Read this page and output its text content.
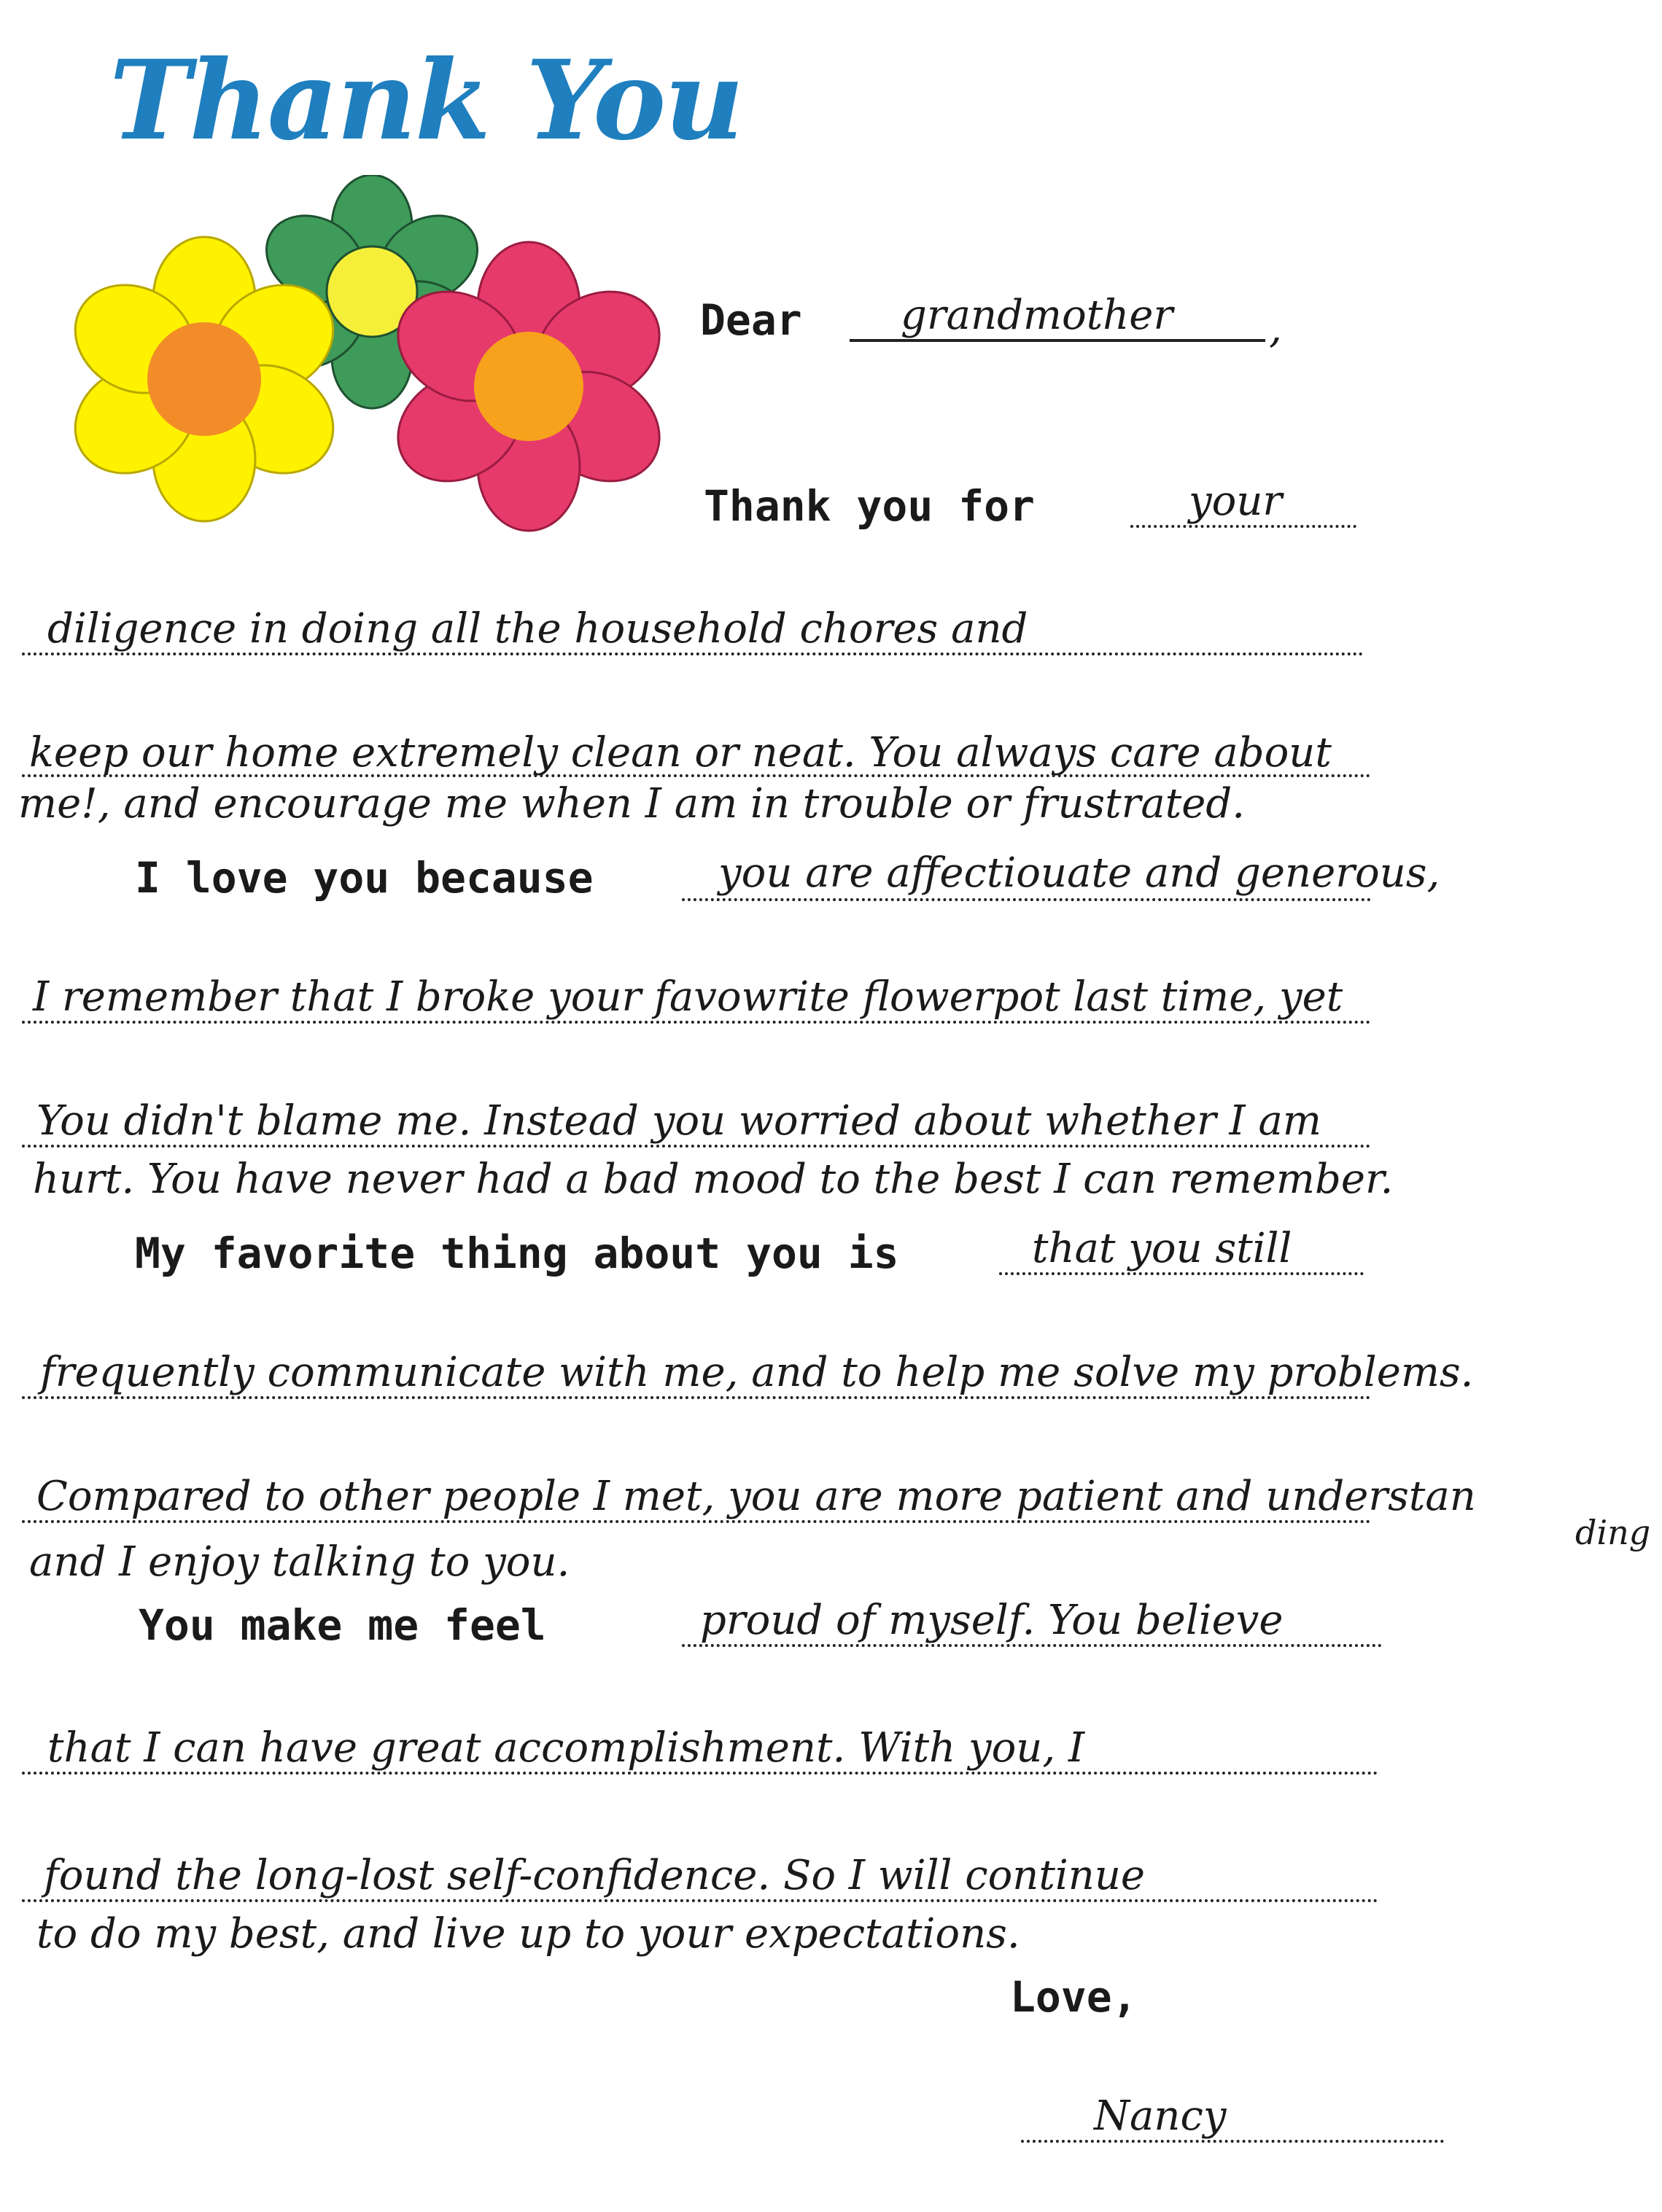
Thank You
Dear grandmother ,
Thank you for	your
diligence in doing all the household chores and
keep our home extremely clean or neat. You always care about
me!, and encourage me when I am in trouble or frustrated.
I love you because	you are affectiouate and generous,
I remember that I broke your favowrite flowerpot last time, yet
You didn't blame me. Instead you worried about whether I am
hurt. You have never had a bad mood to the best I can remember.
My favorite thing about you is	that you still
frequently communicate with me, and to help me solve my problems.
Compared to other people I met, you are more patient and understan
ding
and I enjoy talking to you.
You make me feel	proud of myself. You believe
that I can have great accomplishment. With you, I
found the long-lost self-confidence. So I will continue
to do my best, and live up to your expectations.
Love,
Nancy
